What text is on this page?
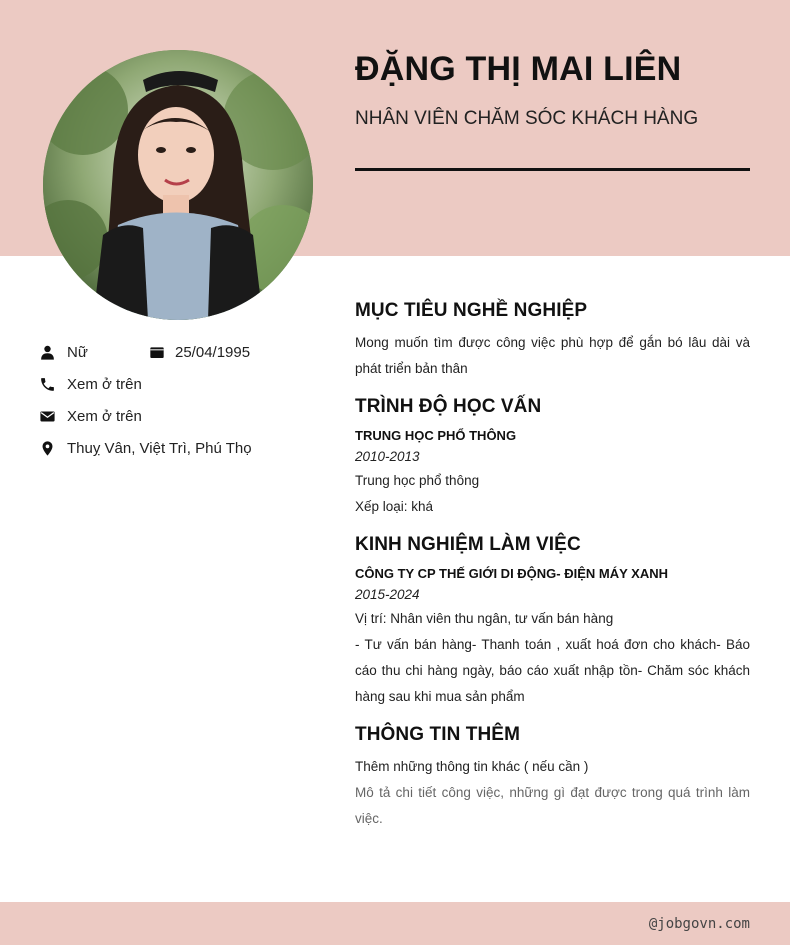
ĐẶNG THỊ MAI LIÊN
NHÂN VIÊN CHĂM SÓC KHÁCH HÀNG
Nữ	25/04/1995
Xem ở trên
Xem ở trên
Thuỵ Vân, Việt Trì, Phú Thọ
MỤC TIÊU NGHỀ NGHIỆP
Mong muốn tìm được công việc phù hợp để gắn bó lâu dài và phát triển bản thân
TRÌNH ĐỘ HỌC VẤN
TRUNG HỌC PHỔ THÔNG
2010-2013
Trung học phổ thông
Xếp loại: khá
KINH NGHIỆM LÀM VIỆC
CÔNG TY CP THẾ GIỚI DI ĐỘNG- ĐIỆN MÁY XANH
2015-2024
Vị trí: Nhân viên thu ngân, tư vấn bán hàng
- Tư vấn bán hàng- Thanh toán , xuất hoá đơn cho khách- Báo cáo thu chi hàng ngày, báo cáo xuất nhập tồn- Chăm sóc khách hàng sau khi mua sản phẩm
THÔNG TIN THÊM
Thêm những thông tin khác ( nếu cần )
Mô tả chi tiết công việc, những gì đạt được trong quá trình làm việc.
@jobgovn.com
